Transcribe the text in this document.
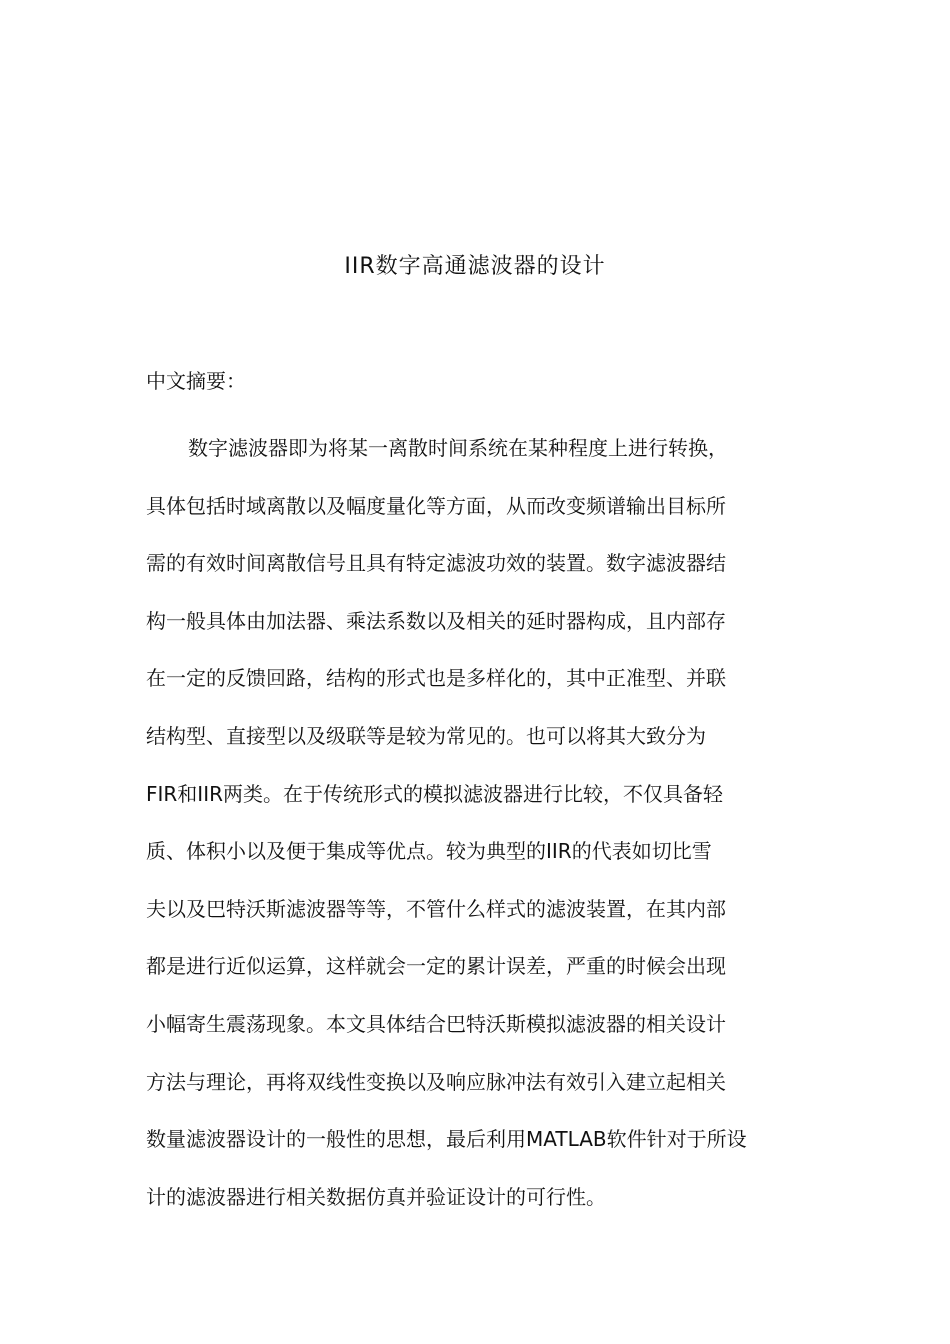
IIR数字高通滤波器的设计
中文摘要：
数字滤波器即为将某一离散时间系统在某种程度上进行转换，
具体包括时域离散以及幅度量化等方面，从而改变频谱输出目标所
需的有效时间离散信号且具有特定滤波功效的装置。数字滤波器结
构一般具体由加法器、乘法系数以及相关的延时器构成，且内部存
在一定的反馈回路，结构的形式也是多样化的，其中正准型、并联
结构型、直接型以及级联等是较为常见的。也可以将其大致分为
FIR和IIR两类。在于传统形式的模拟滤波器进行比较，不仅具备轻
质、体积小以及便于集成等优点。较为典型的IIR的代表如切比雪
夫以及巴特沃斯滤波器等等，不管什么样式的滤波装置，在其内部
都是进行近似运算，这样就会一定的累计误差，严重的时候会出现
小幅寄生震荡现象。本文具体结合巴特沃斯模拟滤波器的相关设计
方法与理论，再将双线性变换以及响应脉冲法有效引入建立起相关
数量滤波器设计的一般性的思想，最后利用MATLAB软件针对于所设
计的滤波器进行相关数据仿真并验证设计的可行性。
